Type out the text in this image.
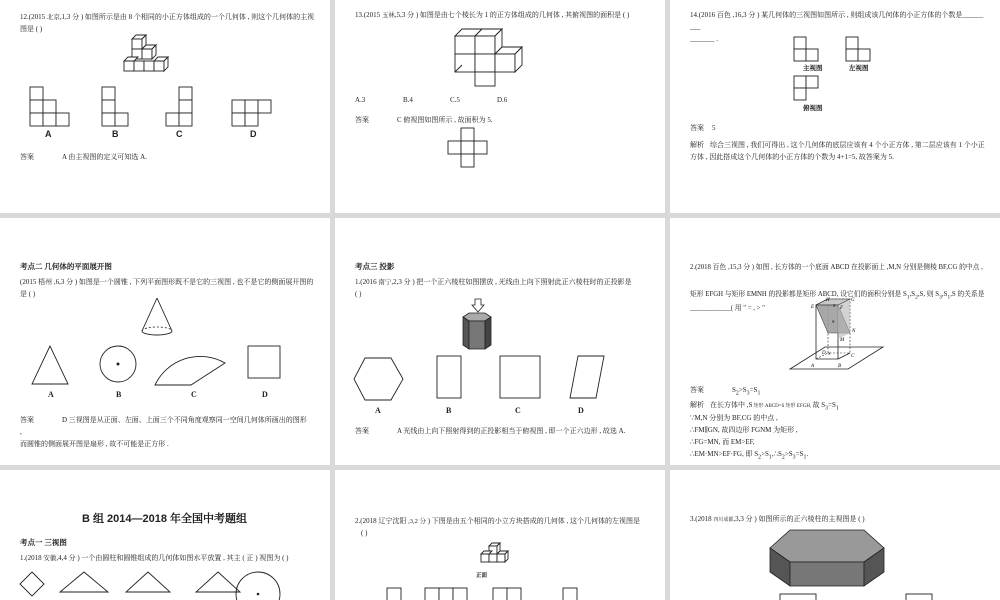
12.(2015 北京,1,3 分 ) 如图所示是由 8 个相同的小正方体组成的一个几何体 , 则这个几何体的主视
图是 ( )
A	B	C	D
答案	A 由主视图的定义可知选 A.
13.(2015 玉林,5,3 分 ) 如图是由七个棱长为 1 的正方体组成的几何体 , 其俯视图的面积是 ( )
A.3	B.4	C.5	D.6
答案	C 俯视图如图所示 , 故面积为 5.
14.(2016 百色 ,16,3 分 ) 某几何体的三视图如图所示 , 则组成该几何体的小正方体的个数是______
___
_______ .
主视图	左视图
俯视图
答案 5
解析 综合三视图 , 我们可得出 , 这个几何体的底层应该有 4 个小正方体 , 第二层应该有 1 个小正
方体 , 因此搭成这个几何体的小正方体的个数为 4+1=5, 故答案为 5.
考点二 几何体的平面展开图
(2015 梧州 ,6,3 分 ) 如图是一个圆锥 , 下列平面图形既不是它的三视图 , 也不是它的侧面展开图的
是 ( )
A	B	C	D
答案	D 三视图是从正面、左面、上面三个不同角度观察同一空间几何体所画出的图形
,
而圆锥的侧面展开图是扇形 , 故不可能是正方形 .
考点三 投影
1.(2016 南宁,2,3 分 ) 把一个正六棱柱如图摆放 , 光线由上向下照射此正六棱柱时的正投影是
( )
A	B	C	D
答案	A 光线由上向下照射得到的正投影相当于俯视图 , 即一个正六边形 , 故选 A.
2.(2018 百色 ,15,3 分 ) 如图 , 长方体的一个底面 ABCD 在投影面上 ,M,N 分别是侧棱 BF,CG 的中点 ,
矩形 EFGH 与矩形 EMNH 的投影都是矩形 ABCD, 设它们的面积分别是 $S_1,S_2,S$, 则 $S_3,S_1,S$ 的关系是
____________( 用 " = , > "
H	G
E	F
N
M
D
C
A	B
S
S
S
答案	$S_2>S_3=S_1$
解析 在长方体中 ,S 矩形 ABCD=S 矩形 EFGH, 故 $S_3=S_1$
∵M,N 分别为 BF,CG 的中点 ,
∴FM∥GN, 故四边形 FGNM 为矩形 ,
∴FG=MN, 而 EM>EF,
∴EM·MN>EF·FG, 即 $S_2>S_1,\therefore S_2>S_3=S_1$.
B 组 2014—2018 年全国中考题组
考点一 三视图
1.(2018 安徽,4,4 分 ) 一个由圆柱和圆锥组成的几何体如图水平放置 , 其主 ( 正 ) 视图为 ( )
2.(2018 辽宁沈阳 ,3,2 分 ) 下图是由五个相同的小立方块搭成的几何体 , 这个几何体的左视图是
( )
正面
3.(2018 四川成都,3,3 分 ) 如图所示的正六棱柱的主视图是 ( )
